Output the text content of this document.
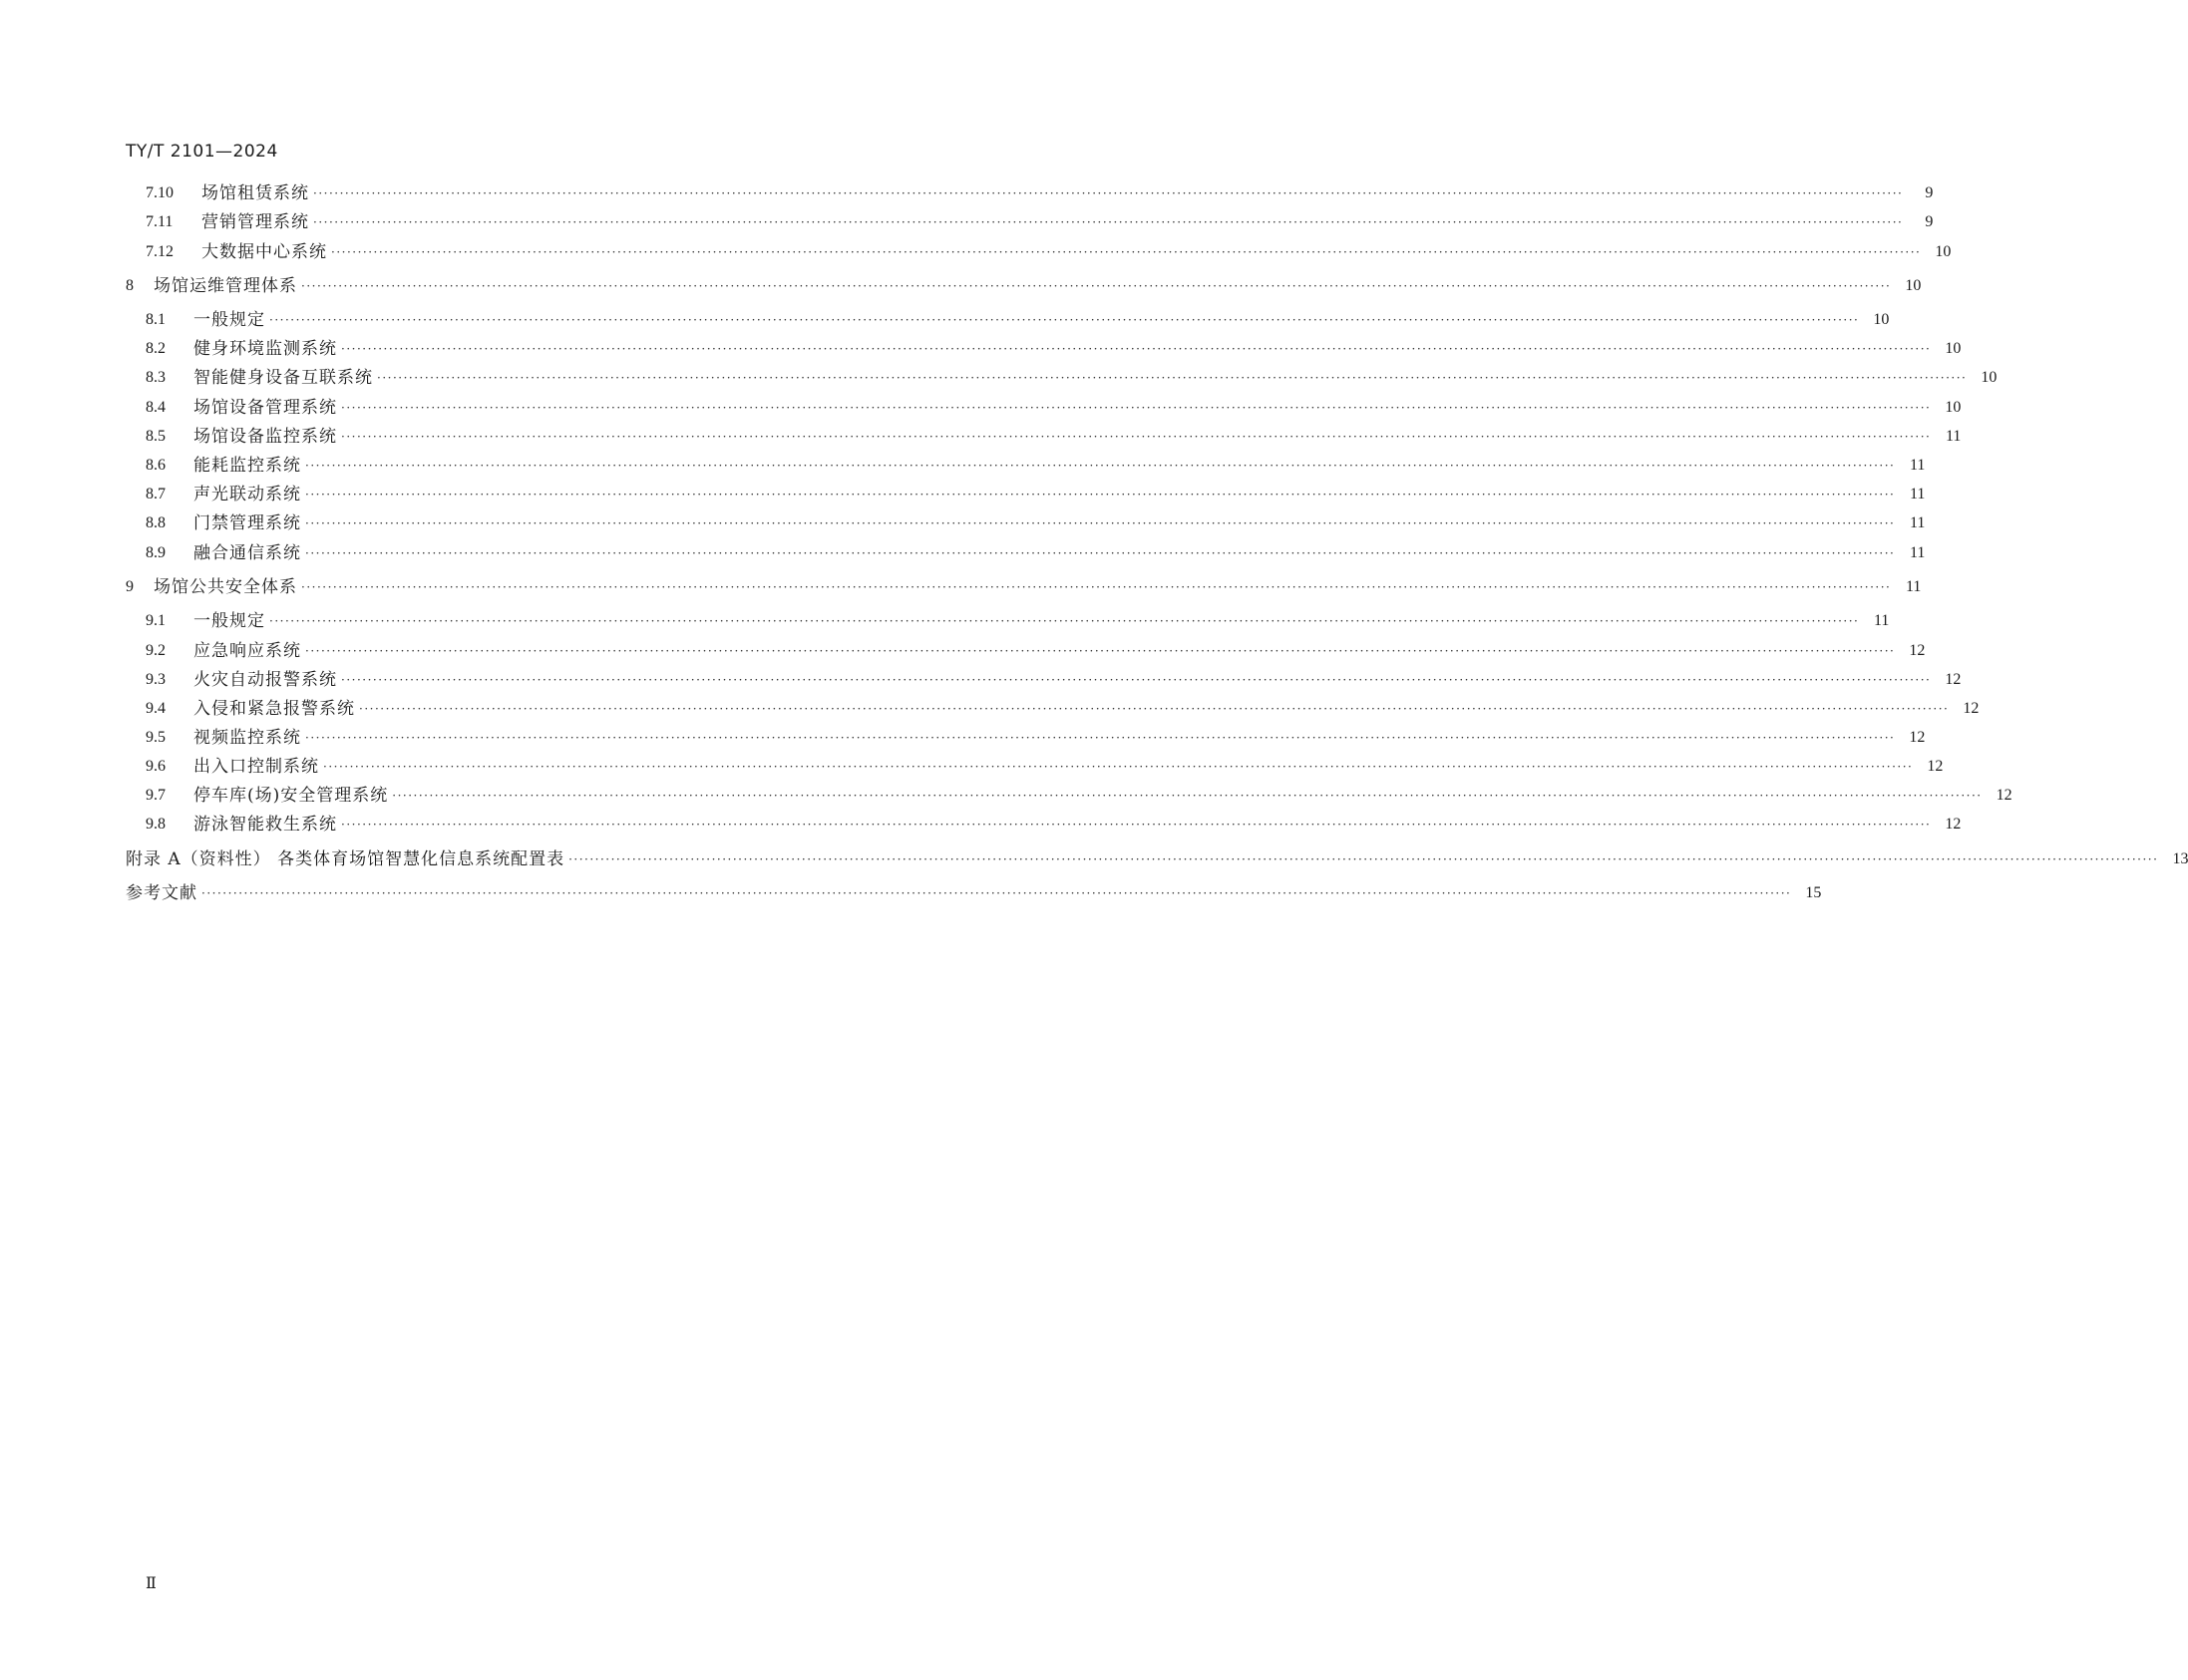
TY/T 2101—2024
7.10	场馆租赁系统 ············································································································································································································································································································	9
7.11	营销管理系统 ············································································································································································································································································································	9
7.12	大数据中心系统 ············································································································································································································································································································ 10
8	场馆运维管理体系 ············································································································································································································································································································ 10
8.1	一般规定 ············································································································································································································································································································ 10
8.2	健身环境监测系统 ············································································································································································································································································································ 10
8.3	智能健身设备互联系统 ············································································································································································································································································································ 10
8.4	场馆设备管理系统 ············································································································································································································································································································ 10
8.5	场馆设备监控系统 ············································································································································································································································································································ 11
8.6	能耗监控系统 ············································································································································································································································································································ 11
8.7	声光联动系统 ············································································································································································································································································································ 11
8.8	门禁管理系统 ············································································································································································································································································································ 11
8.9	融合通信系统 ············································································································································································································································································································ 11
9	场馆公共安全体系 ············································································································································································································································································································ 11
9.1	一般规定 ············································································································································································································································································································ 11
9.2	应急响应系统 ············································································································································································································································································································ 12
9.3	火灾自动报警系统 ············································································································································································································································································································ 12
9.4	入侵和紧急报警系统 ············································································································································································································································································································ 12
9.5	视频监控系统 ············································································································································································································································································································ 12
9.6	出入口控制系统 ············································································································································································································································································································ 12
9.7	停车库(场)安全管理系统 ············································································································································································································································································································ 12
9.8	游泳智能救生系统 ············································································································································································································································································································ 12
附录 A（资料性） 各类体育场馆智慧化信息系统配置表 ············································································································································································································································································································ 13
参考文献 ············································································································································································································································································································ 15
Ⅱ
